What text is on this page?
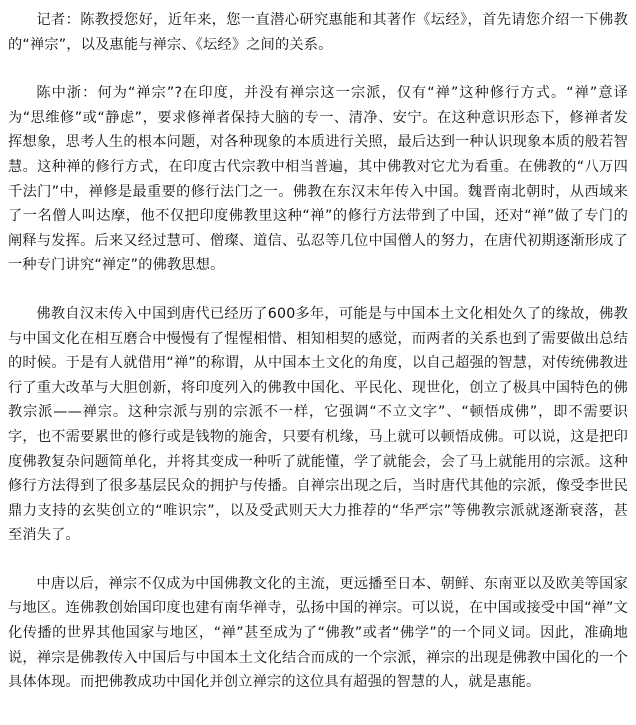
记者：陈教授您好，近年来，您一直潜心研究惠能和其著作《坛经》，首先请您介绍一下佛教的“禅宗”，以及惠能与禅宗、《坛经》之间的关系。

陈中浙：何为“禅宗”?在印度，并没有禅宗这一宗派，仅有“禅”这种修行方式。“禅”意译为“思维修”或“静虑”，要求修禅者保持大脑的专一、清净、安宁。在这种意识形态下，修禅者发挥想象，思考人生的根本问题，对各种现象的本质进行关照，最后达到一种认识现象本质的般若智慧。这种禅的修行方式，在印度古代宗教中相当普遍，其中佛教对它尤为看重。在佛教的“八万四千法门”中，禅修是最重要的修行法门之一。佛教在东汉末年传入中国。魏晋南北朝时，从西域来了一名僧人叫达摩，他不仅把印度佛教里这种“禅”的修行方法带到了中国，还对“禅”做了专门的阐释与发挥。后来又经过慧可、僧璨、道信、弘忍等几位中国僧人的努力，在唐代初期逐渐形成了一种专门讲究“禅定”的佛教思想。

佛教自汉末传入中国到唐代已经历了600多年，可能是与中国本土文化相处久了的缘故，佛教与中国文化在相互磨合中慢慢有了惺惺相惜、相知相契的感觉，而两者的关系也到了需要做出总结的时候。于是有人就借用“禅”的称谓，从中国本土文化的角度，以自己超强的智慧，对传统佛教进行了重大改革与大胆创新，将印度列入的佛教中国化、平民化、现世化，创立了极具中国特色的佛教宗派——禅宗。这种宗派与别的宗派不一样，它强调“不立文字”、“顿悟成佛”，即不需要识字，也不需要累世的修行或是钱物的施舍，只要有机缘，马上就可以顿悟成佛。可以说，这是把印度佛教复杂问题简单化，并将其变成一种听了就能懂，学了就能会，会了马上就能用的宗派。这种修行方法得到了很多基层民众的拥护与传播。自禅宗出现之后，当时唐代其他的宗派，像受李世民鼎力支持的玄奘创立的“唯识宗”，以及受武则天大力推荐的“华严宗”等佛教宗派就逐渐衰落，甚至消失了。

中唐以后，禅宗不仅成为中国佛教文化的主流，更远播至日本、朝鲜、东南亚以及欧美等国家与地区。连佛教创始国印度也建有南华禅寺，弘扬中国的禅宗。可以说，在中国或接受中国“禅”文化传播的世界其他国家与地区，“禅”甚至成为了“佛教”或者“佛学”的一个同义词。因此，准确地说，禅宗是佛教传入中国后与中国本土文化结合而成的一个宗派，禅宗的出现是佛教中国化的一个具体体现。而把佛教成功中国化并创立禅宗的这位具有超强的智慧的人，就是惠能。
